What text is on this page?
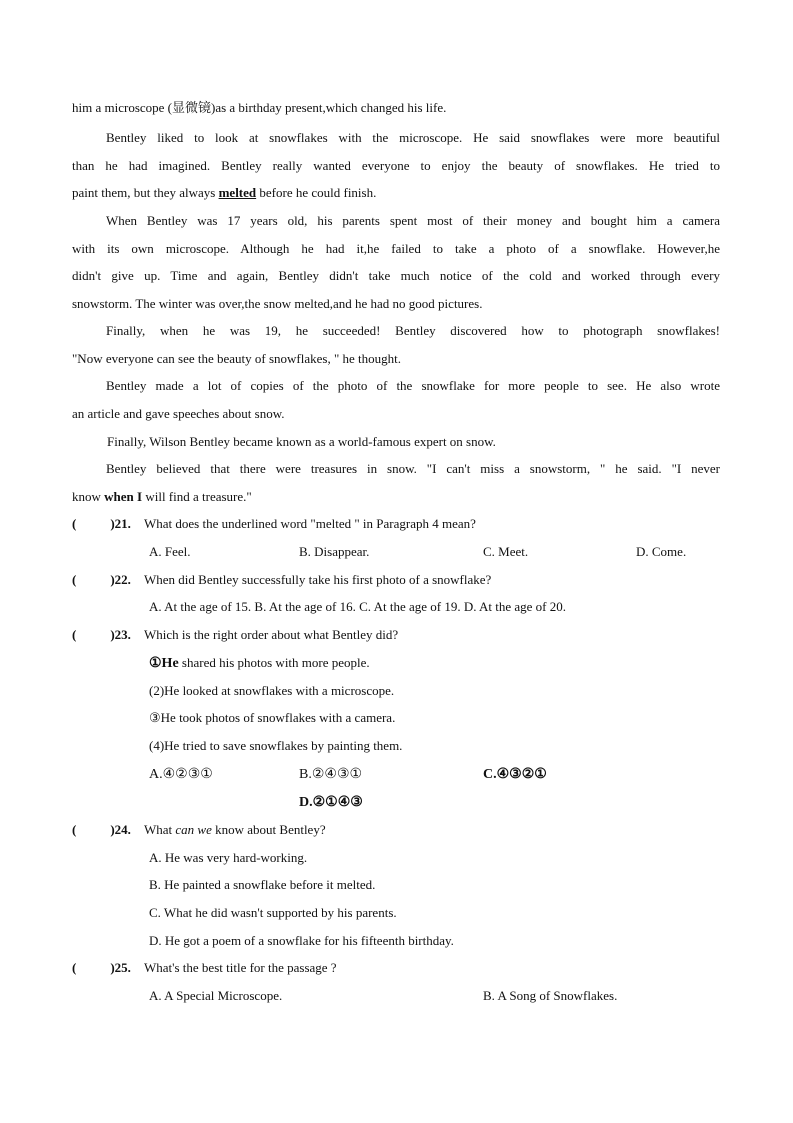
him a microscope (显微镜)as a birthday present,which changed his life.
Bentley liked to look at snowflakes with the microscope. He said snowflakes were more beautiful
than he had imagined. Bentley really wanted everyone to enjoy the beauty of snowflakes. He tried to
paint them, but they always melted before he could finish.
When Bentley was 17 years old, his parents spent most of their money and bought him a camera
with its own microscope. Although he had it,he failed to take a photo of a snowflake. However,he
didn't give up. Time and again, Bentley didn't take much notice of the cold and worked through every
snowstorm. The winter was over,the snow melted,and he had no good pictures.
Finally, when he was 19, he succeeded! Bentley discovered how to photograph snowflakes!
"Now everyone can see the beauty of snowflakes, " he thought.
Bentley made a lot of copies of the photo of the snowflake for more people to see. He also wrote
an article and gave speeches about snow.
Finally, Wilson Bentley became known as a world-famous expert on snow.
Bentley believed that there were treasures in snow. "I can't miss a snowstorm, " he said. "I never
know when I will find a treasure."
(	)21. What does the underlined word "melted " in Paragraph 4 mean?
A. Feel.	B. Disappear.	C. Meet.	D. Come.
(	)22. When did Bentley successfully take his first photo of a snowflake?
A. At the age of 15. B. At the age of 16. C. At the age of 19. D. At the age of 20.
(	)23. Which is the right order about what Bentley did?
①He shared his photos with more people.
(2)He looked at snowflakes with a microscope.
③He took photos of snowflakes with a camera.
(4)He tried to save snowflakes by painting them.
A.④②③①	B.②④③①	C.④③②①
D.②①④③
(	)24. What can we know about Bentley?
A. He was very hard-working.
B. He painted a snowflake before it melted.
C. What he did wasn't supported by his parents.
D. He got a poem of a snowflake for his fifteenth birthday.
(	)25. What's the best title for the passage ?
A. A Special Microscope.	B. A Song of Snowflakes.
